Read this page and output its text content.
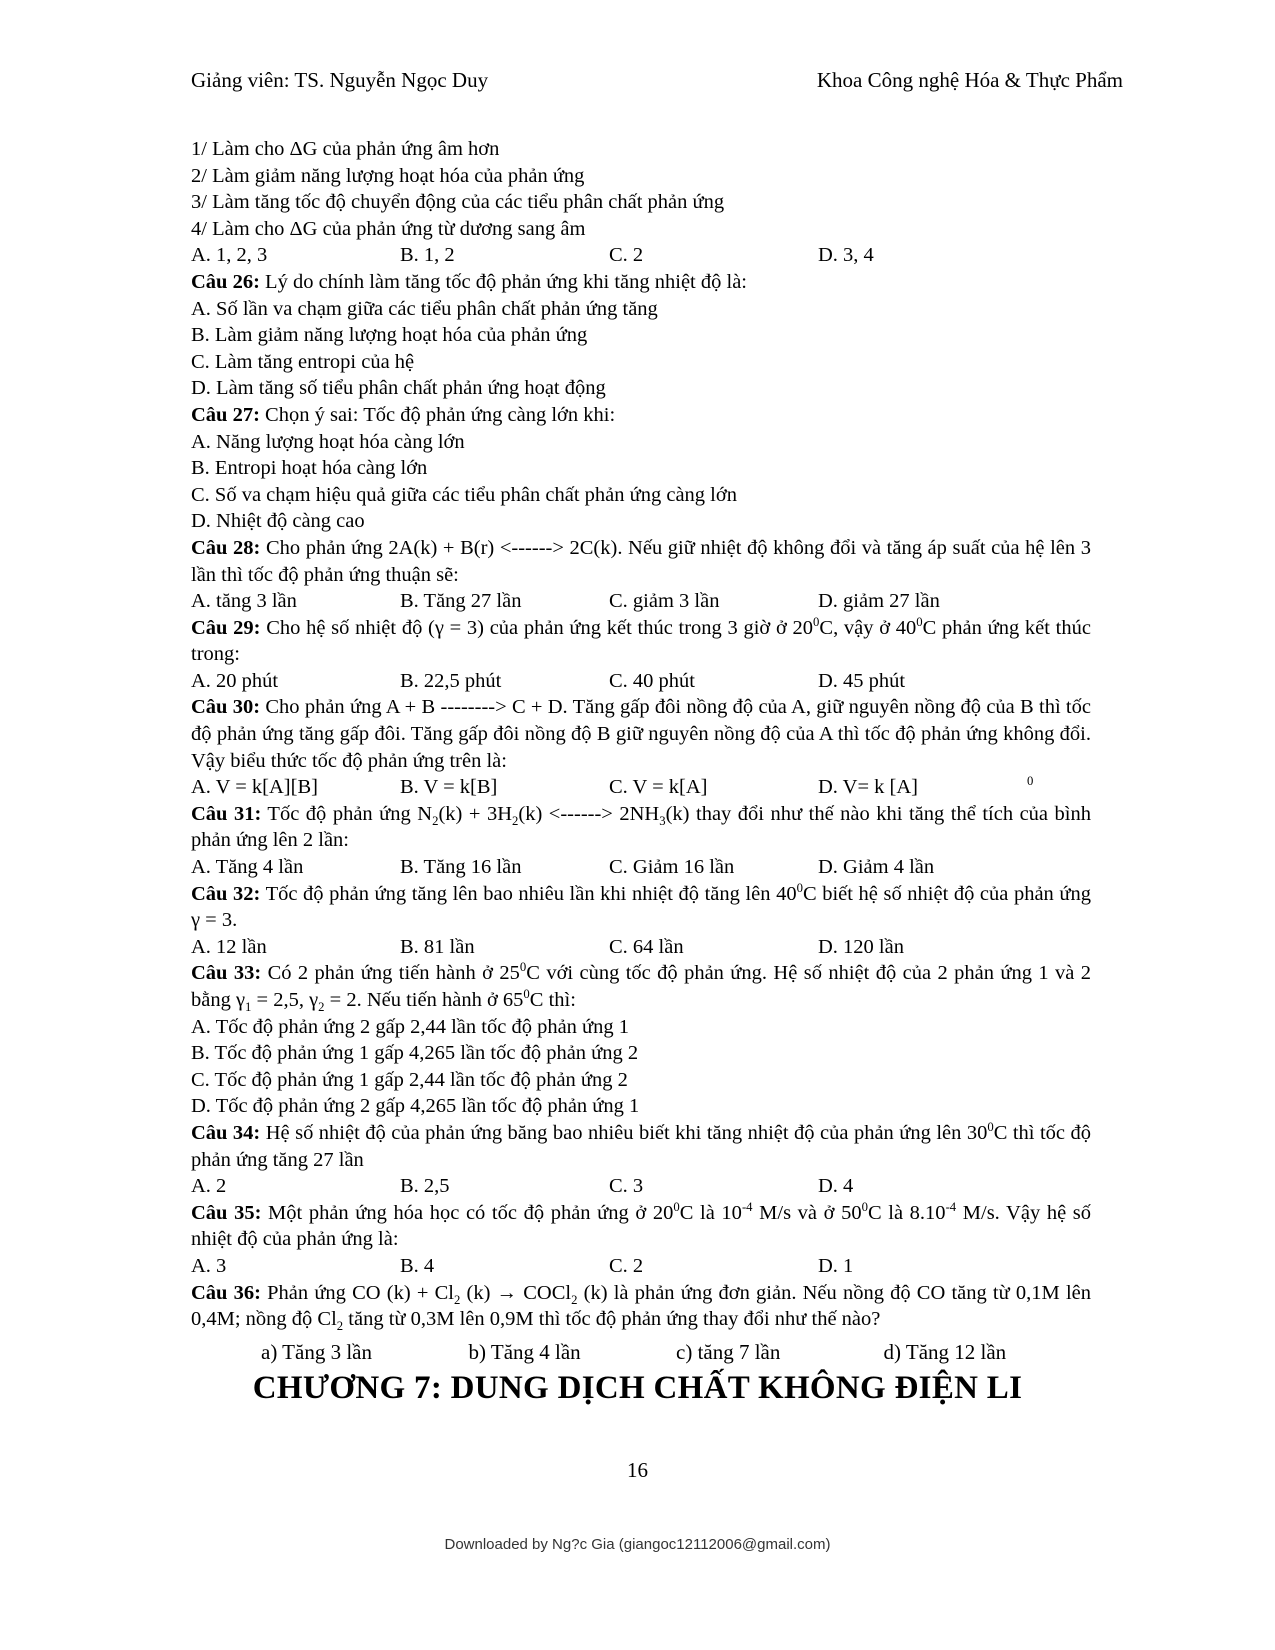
Giảng viên: TS. Nguyễn Ngọc Duy	Khoa Công nghệ Hóa & Thực Phẩm
1/ Làm cho ΔG của phản ứng âm hơn
2/ Làm giảm năng lượng hoạt hóa của phản ứng
3/ Làm tăng tốc độ chuyển động của các tiểu phân chất phản ứng
4/ Làm cho ΔG của phản ứng từ dương sang âm
A. 1, 2, 3	B. 1, 2	C. 2	D. 3, 4
Câu 26: Lý do chính làm tăng tốc độ phản ứng khi tăng nhiệt độ là:
A. Số lần va chạm giữa các tiểu phân chất phản ứng tăng
B. Làm giảm năng lượng hoạt hóa của phản ứng
C. Làm tăng entropi của hệ
D. Làm tăng số tiểu phân chất phản ứng hoạt động
Câu 27: Chọn ý sai: Tốc độ phản ứng càng lớn khi:
A. Năng lượng hoạt hóa càng lớn
B. Entropi hoạt hóa càng lớn
C. Số va chạm hiệu quả giữa các tiểu phân chất phản ứng càng lớn
D. Nhiệt độ càng cao
Câu 28: Cho phản ứng 2A(k) + B(r) <------> 2C(k). Nếu giữ nhiệt độ không đổi và tăng áp suất của hệ lên 3 lần thì tốc độ phản ứng thuận sẽ:
A. tăng 3 lần	B. Tăng 27 lần	C. giảm 3 lần	D. giảm 27 lần
Câu 29: Cho hệ số nhiệt độ (γ = 3) của phản ứng kết thúc trong 3 giờ ở $20^0C$, vậy ở $40^0C$ phản ứng kết thúc trong:
A. 20 phút	B. 22,5 phút	C. 40 phút	D. 45 phút
Câu 30: Cho phản ứng A + B --------> C + D. Tăng gấp đôi nồng độ của A, giữ nguyên nồng độ của B thì tốc độ phản ứng tăng gấp đôi. Tăng gấp đôi nồng độ B giữ nguyên nồng độ của A thì tốc độ phản ứng không đổi. Vậy biểu thức tốc độ phản ứng trên là:
A. V = k[A][B]	B. V = k[B]	C. V = k[A]	D. V= k [A]	$^0$
Câu 31: Tốc độ phản ứng $N_2(k) + 3H_2(k)$ <------> $2NH_3(k)$ thay đổi như thế nào khi tăng thể tích của bình phản ứng lên 2 lần:
A. Tăng 4 lần	B. Tăng 16 lần	C. Giảm 16 lần	D. Giảm 4 lần
Câu 32: Tốc độ phản ứng tăng lên bao nhiêu lần khi nhiệt độ tăng lên $40^0C$ biết hệ số nhiệt độ của phản ứng γ = 3.
A. 12 lần	B. 81 lần	C. 64 lần	D. 120 lần
Câu 33: Có 2 phản ứng tiến hành ở $25^0C$ với cùng tốc độ phản ứng. Hệ số nhiệt độ của 2 phản ứng 1 và 2 bằng $\gamma_1 = 2,5$, $\gamma_2 = 2$. Nếu tiến hành ở $65^0C$ thì:
A. Tốc độ phản ứng 2 gấp 2,44 lần tốc độ phản ứng 1
B. Tốc độ phản ứng 1 gấp 4,265 lần tốc độ phản ứng 2
C. Tốc độ phản ứng 1 gấp 2,44 lần tốc độ phản ứng 2
D. Tốc độ phản ứng 2 gấp 4,265 lần tốc độ phản ứng 1
Câu 34: Hệ số nhiệt độ của phản ứng băng bao nhiêu biết khi tăng nhiệt độ của phản ứng lên $30^0C$ thì tốc độ phản ứng tăng 27 lần
A. 2	B. 2,5	C. 3	D. 4
Câu 35: Một phản ứng hóa học có tốc độ phản ứng ở $20^0C$ là $10^{-4}$ M/s và ở $50^0C$ là $8.10^{-4}$ M/s. Vậy hệ số nhiệt độ của phản ứng là:
A. 3	B. 4	C. 2	D. 1
Câu 36: Phản ứng CO $(k) + Cl_2$ (k) → COCl$_2$ (k) là phản ứng đơn giản. Nếu nồng độ CO tăng từ 0,1M lên 0,4M; nồng độ $Cl_2$ tăng từ 0,3M lên 0,9M thì tốc độ phản ứng thay đổi như thế nào?
a) Tăng 3 lần	b) Tăng 4 lần	c) tăng 7 lần	d) Tăng 12 lần
CHƯƠNG 7: DUNG DỊCH CHẤT KHÔNG ĐIỆN LI
16
Downloaded by Ng?c Gia (giangoc12112006@gmail.com)
